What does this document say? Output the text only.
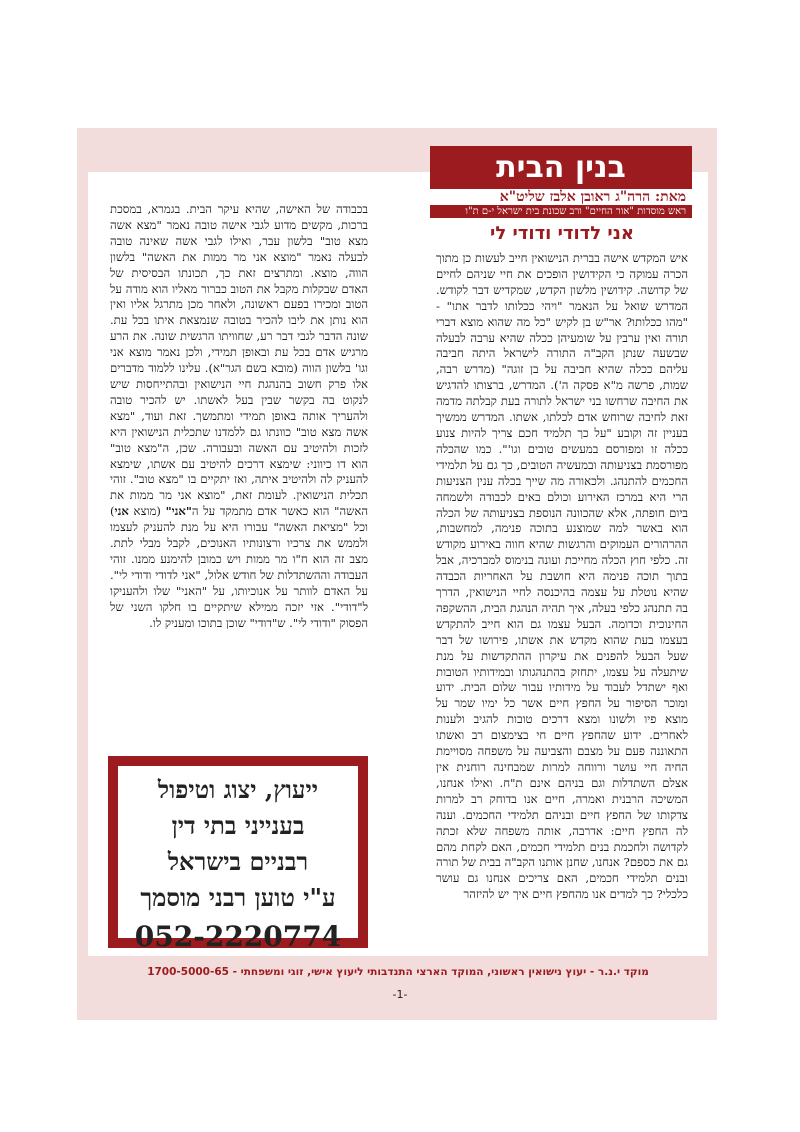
בנין הבית
מאת: הרה"ג ראובן אלבז שליט"א
ראש מוסדות "אור החיים" ורב שכונת בית ישראל י-ם ת"ו
אני לדודי ודודי לי

איש המקדש אישה בברית הנישואין חייב לעשות כן מתוך הכרה עמוקה כי הקידושין הופכים את חיי שניהם לחיים של קדושה. קידושין מלשון הקדש, שמקדיש דבר לקודש. המדרש שואל על הנאמר "ויהי ככלותו לדבר אתו" - "מהו ככלותו? אר"ש בן לקיש "כל מה שהוא מוצא דברי תורה ואין ערבין על שומעיהן ככלה שהיא ערבה לבעלה שבשעה שנתן הקב"ה התורה לישראל היתה חביבה עליהם ככלה שהיא חביבה על בן זוגה" (מדרש רבה, שמות, פרשה מ"א פסקה ה'). המדרש, ברצותו להדגיש את החיבה שרחשו בני ישראל לתורה בעת קבלתה מדמה זאת לחיבה שרוחש אדם לכלתו, אשתו. המדרש ממשיך בעניין זה וקובע "על כך תלמיד חכם צריך להיות צנוע ככלה זו ומפורסם במעשים טובים וגו'". כמו שהכלה מפורסמת בצניעותה ובמעשיה הטובים, כך גם על תלמידי החכמים להתנהג. ולכאורה מה שייך בכלה ענין הצניעות הרי היא במרכז האירוע וכולם באים לכבודה ולשמחה ביום חופתה, אלא שהכוונה הנוספת בצניעותה של הכלה הוא באשר למה שמוצנע בתוכה פנימה, למחשבות, ההרהורים העמוקים והרגשות שהיא חווה באירוע מקודש זה. כלפי חוץ הכלה מחייכת ועונה בנימוס למברכיה, אבל בתוך תוכה פנימה היא חושבת על האחריות הכבדה שהיא נוטלת על עצמה בהיכנסה לחיי הנישואין, הדרך בה תתנהג כלפי בעלה, איך תהיה הנהגת הבית, ההשקפה החינוכית וכדומה. הבעל עצמו גם הוא חייב להתקדש בעצמו בעת שהוא מקדש את אשתו, פירושו של דבר שעל הבעל להפנים את עיקרון ההתקדשות על מנת שיתעלה על עצמו, יתחזק בהתנהגותו ובמידותיו הטובות ואף ישתדל לעבוד על מידותיו עבור שלום הבית. ידוע ומוכר הסיפור על החפץ חיים אשר כל ימיו שמר על מוצא פיו ולשונו ומצא דרכים טובות להגיב ולענות לאחרים. ידוע שהחפץ חיים חי בצימצום רב ואשתו התאוננה פעם על מצבם והצביעה על משפחה מסויימת החיה חיי עושר ורווחה למרות שמבחינה רוחנית אין אצלם השתדלות וגם בניהם אינם ת"ח. ואילו אנחנו, המשיכה הרבנית ואמרה, חיים אנו בדוחק רב למרות צדקותו של החפץ חיים ובניהם תלמידי החכמים. וענה לה החפץ חיים: אדרבה, אותה משפחה שלא זכתה לקדושה ולחכמת בנים תלמידי חכמים, האם לקחת מהם גם את כספם? אנחנו, שחנן אותנו הקב"ה בבית של תורה ובנים תלמידי חכמים, האם צריכים אנחנו גם עושר כלכלי? כך למדים אנו מהחפץ חיים איך יש להיזהר

בכבודה של האישה, שהיא עיקר הבית. בגמרא, במסכת ברכות, מקשים מדוע לגבי אישה טובה נאמר "מצא אשה מצא טוב" בלשון עבר, ואילו לגבי אשה שאינה טובה לבעלה נאמר "מוצא אני מר ממות את האשה" בלשון הווה, מוצא. ומתרצים זאת כך, תכונתו הבסיסית של האדם שבקלות מקבל את הטוב כברור מאליו הוא מודה על הטוב ומכירו בפעם ראשונה, ולאחר מכן מתרגל אליו ואין הוא נותן את ליבו להכיר בטובה שנמצאת איתו בכל עת. שונה הדבר לגבי דבר רע, שחוויתו הרגשית שונה. את הרע מרגיש אדם בכל עת ובאופן תמידי, ולכן נאמר מוצא אני וגו' בלשון הווה (מובא בשם הגר"א). עלינו ללמוד מדברים אלו פרק חשוב בהנהגת חיי הנישואין ובהתייחסות שיש לנקוט בה בקשר שבין בעל לאשתו. יש להכיר טובה ולהעריך אותה באופן תמידי ומתמשך. זאת ועוד, "מצא אשה מצא טוב" כוונתו גם ללמדנו שתכלית הנישואין היא לזכות ולהיטיב עם האשה ובעבורה. שכן, ה"מצא טוב" הוא דו כיווני: שימצא דרכים להיטיב עם אשתו, שימצא להעניק לה ולהיטיב איתה, ואז יתקיים בו "מצא טוב". זוהי תכלית הנישואין. לעומת זאת, "מוצא אני מר ממות את האשה" הוא כאשר אדם מתמקד על ה"אני" (מוצא אני) וכל "מציאת האשה" עבורו היא על מנת להעניק לעצמו ולממש את צרכיו ורצונותיו האנוכים, לקבל מבלי לתת. מצב זה הוא ח"ו מר ממות ויש כמובן להימנע ממנו. זוהי העבודה וההשתדלות של חודש אלול, "אני לדודי ודודי לי". על האדם לוותר על אנוכיותו, על "האני" שלו ולהעניקו ל"דודי". אזי יזכה ממילא שיתקיים בו חלקו השני של הפסוק "ודודי לי". ש"דודי" שוכן בתוכו ומעניק לו.

ייעוץ, יצוג וטיפול
בענייני בתי דין
רבניים בישראל
ע"י טוען רבני מוסמך
052-2220774
מוקד י.נ.ר - יעוץ נישואין ראשוני, המוקד הארצי התנדבותי ליעוץ אישי, זוגי ומשפחתי - 1700-5000-65
-1-
